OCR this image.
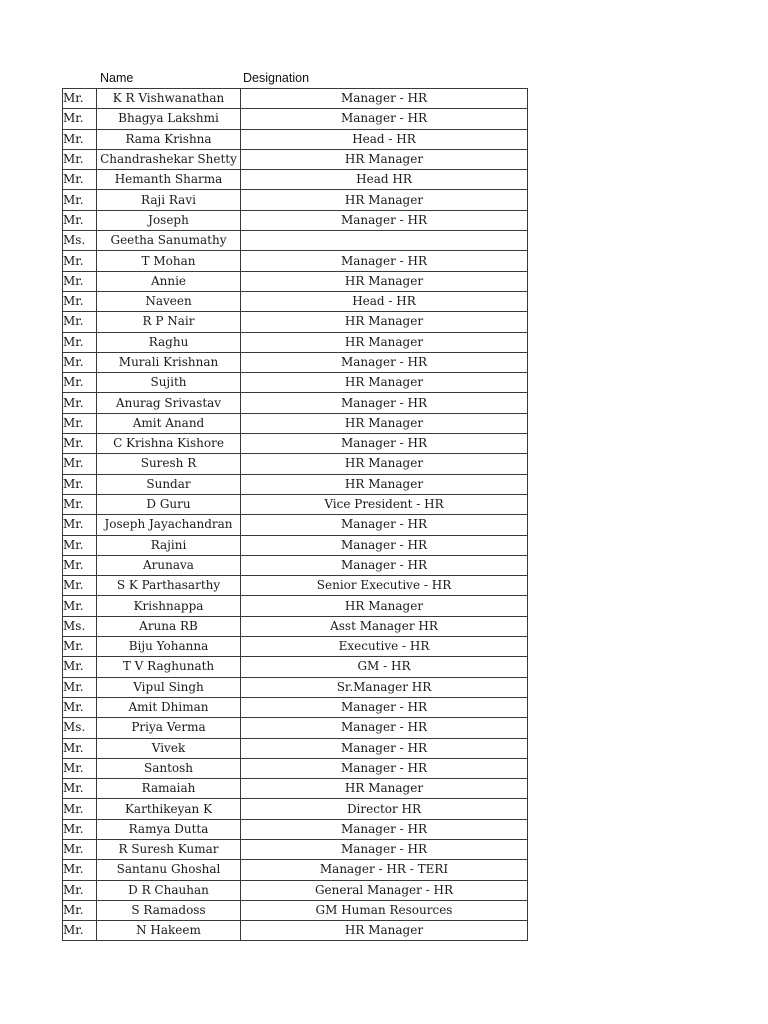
Name	Designation
Mr.	K R Vishwanathan	Manager - HR
Mr.	Bhagya Lakshmi	Manager - HR
Mr.	Rama Krishna	Head - HR
Mr.	Chandrashekar Shetty	HR Manager
Mr.	Hemanth Sharma	Head HR
Mr.	Raji Ravi	HR Manager
Mr.	Joseph	Manager - HR
Ms.	Geetha Sanumathy	
Mr.	T Mohan	Manager - HR
Mr.	Annie	HR Manager
Mr.	Naveen	Head - HR
Mr.	R P Nair	HR Manager
Mr.	Raghu	HR Manager
Mr.	Murali Krishnan	Manager - HR
Mr.	Sujith	HR Manager
Mr.	Anurag Srivastav	Manager - HR
Mr.	Amit Anand	HR Manager
Mr.	C Krishna Kishore	Manager - HR
Mr.	Suresh R	HR Manager
Mr.	Sundar	HR Manager
Mr.	D Guru	Vice President - HR
Mr.	Joseph Jayachandran	Manager - HR
Mr.	Rajini	Manager - HR
Mr.	Arunava	Manager - HR
Mr.	S K Parthasarthy	Senior Executive - HR
Mr.	Krishnappa	HR Manager
Ms.	Aruna RB	Asst Manager HR
Mr.	Biju Yohanna	Executive - HR
Mr.	T V Raghunath	GM - HR
Mr.	Vipul Singh	Sr.Manager HR
Mr.	Amit Dhiman	Manager - HR
Ms.	Priya Verma	Manager - HR
Mr.	Vivek	Manager - HR
Mr.	Santosh	Manager - HR
Mr.	Ramaiah	HR Manager
Mr.	Karthikeyan K	Director HR
Mr.	Ramya Dutta	Manager - HR
Mr.	R Suresh Kumar	Manager - HR
Mr.	Santanu Ghoshal	Manager - HR - TERI
Mr.	D R Chauhan	General Manager - HR
Mr.	S Ramadoss	GM Human Resources
Mr.	N Hakeem	HR Manager
